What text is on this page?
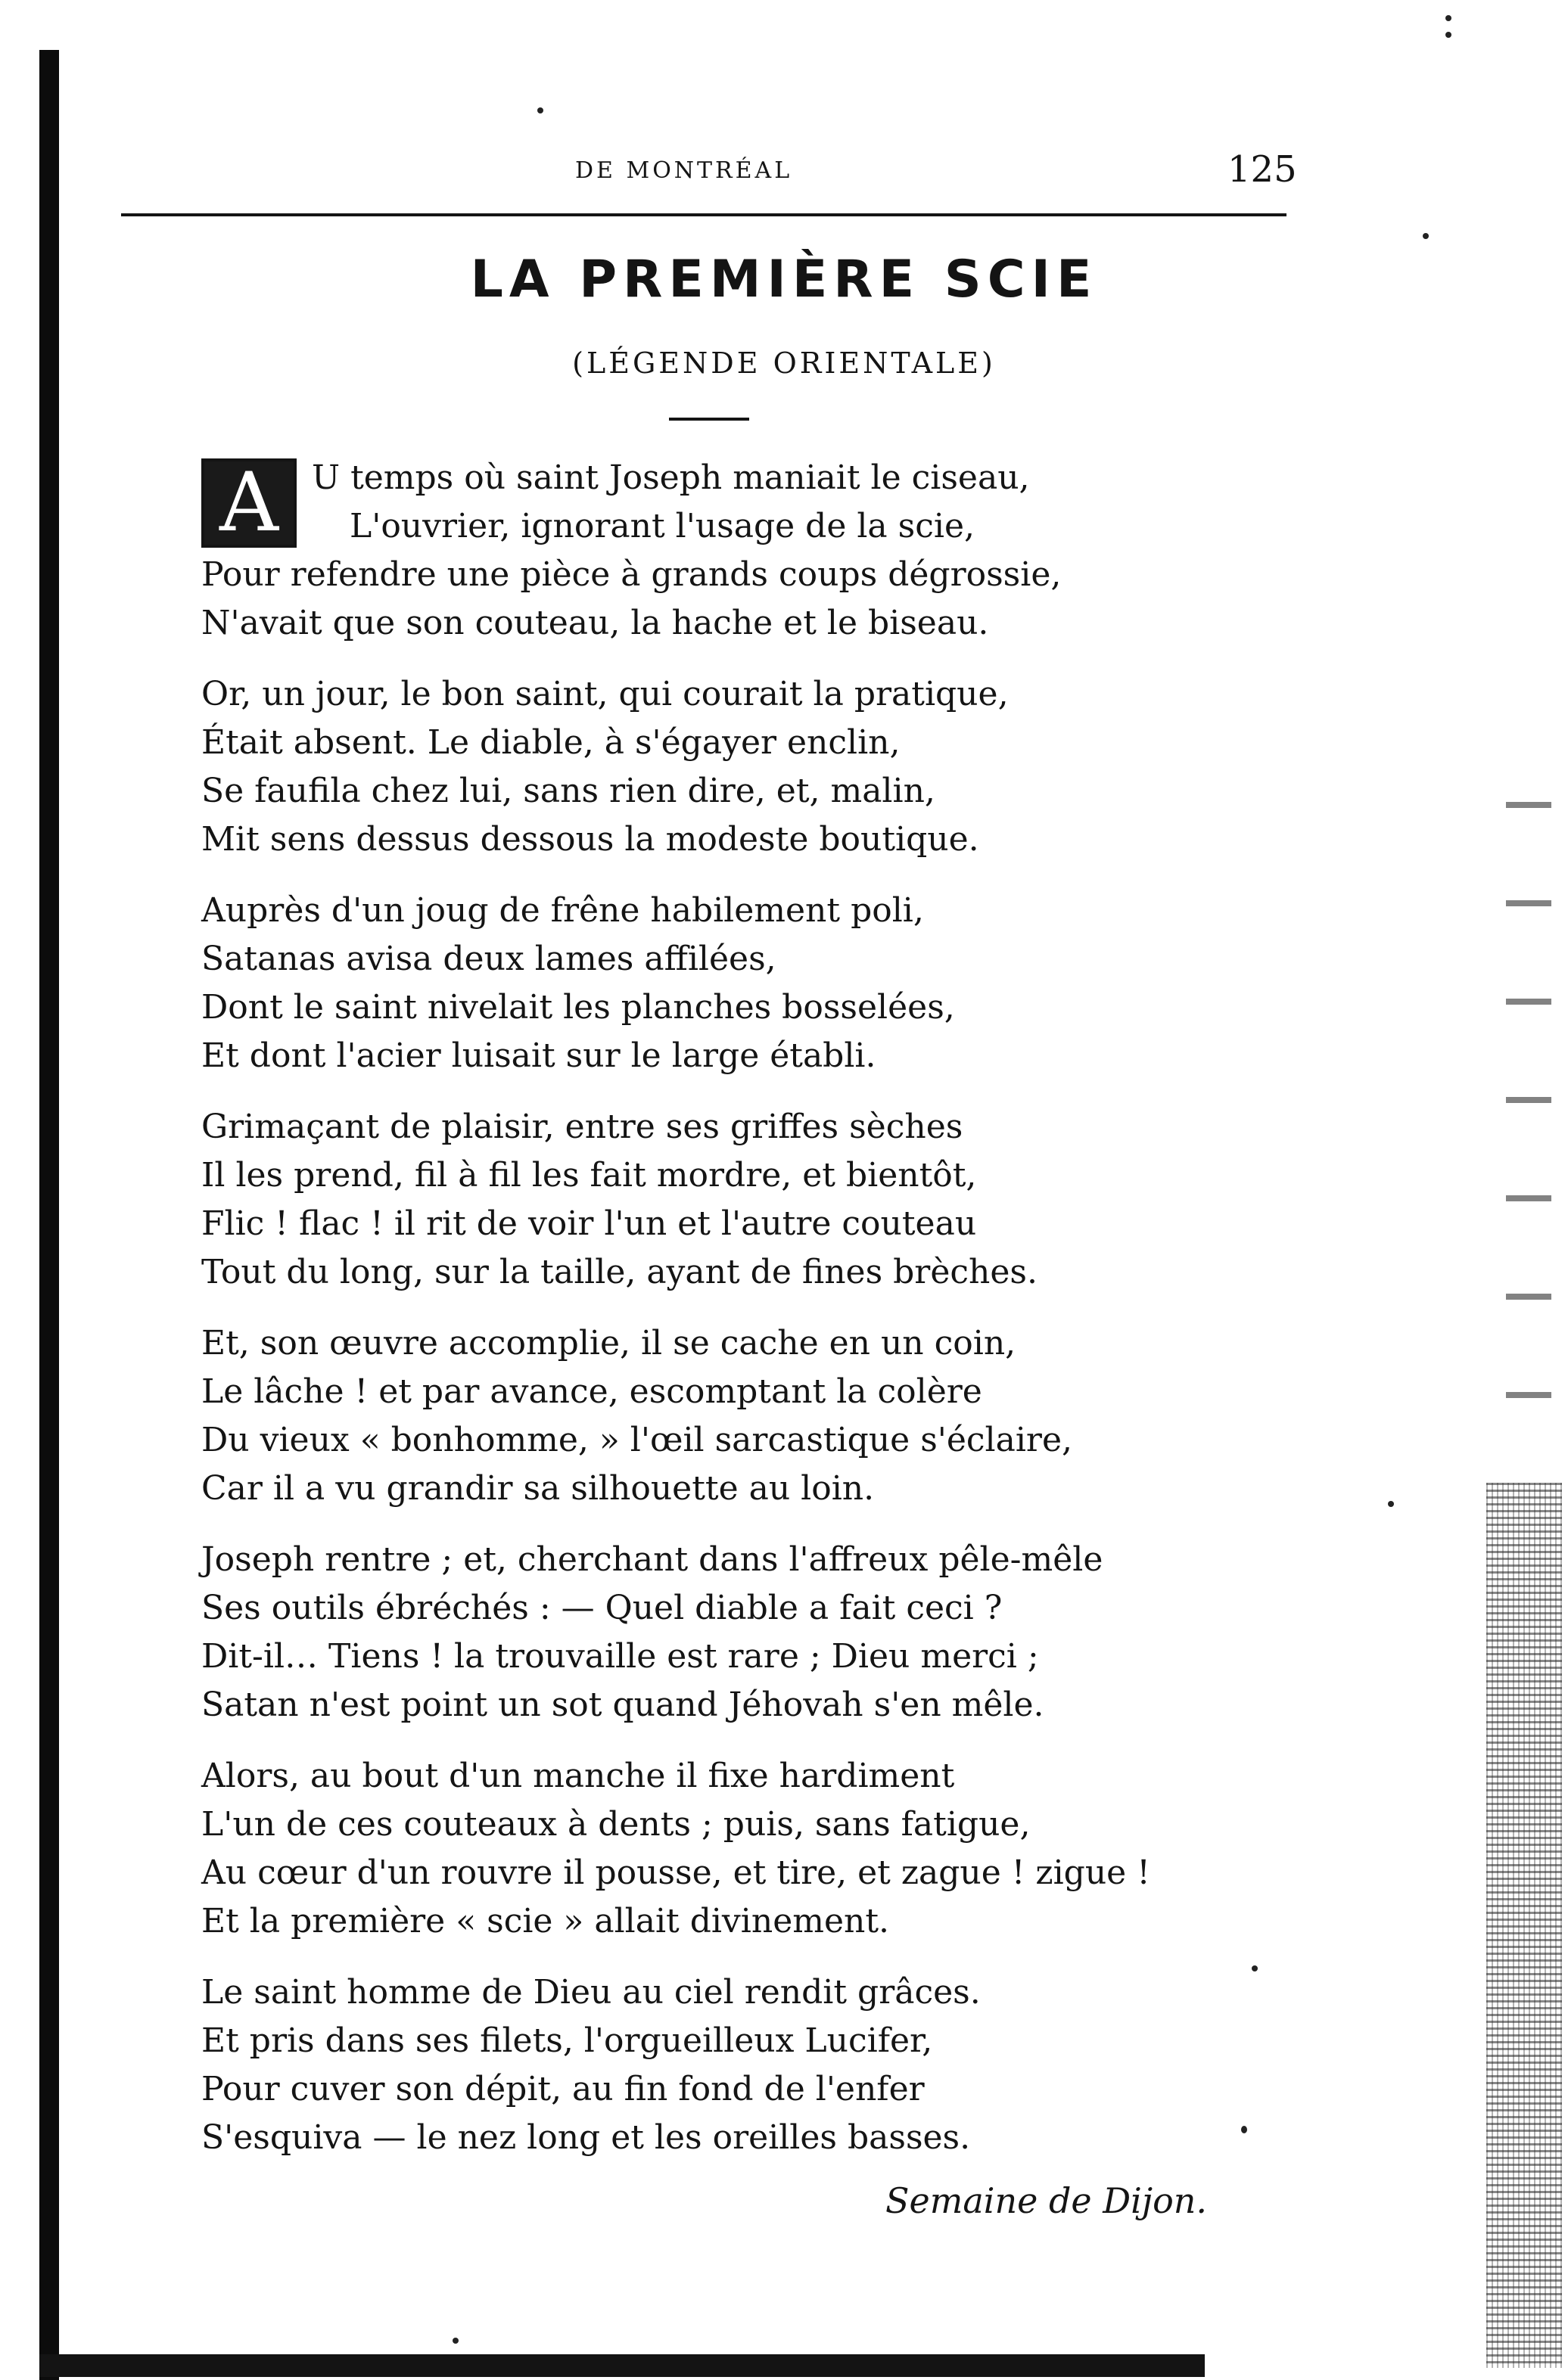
DE MONTRÉAL	125
LA PREMIÈRE SCIE
(LÉGENDE ORIENTALE)
A	U temps où saint Joseph maniait le ciseau,
L'ouvrier, ignorant l'usage de la scie,
Pour refendre une pièce à grands coups dégrossie,
N'avait que son couteau, la hache et le biseau.
Or, un jour, le bon saint, qui courait la pratique,
Était absent. Le diable, à s'égayer enclin,
Se faufila chez lui, sans rien dire, et, malin,
Mit sens dessus dessous la modeste boutique.
Auprès d'un joug de frêne habilement poli,
Satanas avisa deux lames affilées,
Dont le saint nivelait les planches bosselées,
Et dont l'acier luisait sur le large établi.
Grimaçant de plaisir, entre ses griffes sèches
Il les prend, fil à fil les fait mordre, et bientôt,
Flic ! flac ! il rit de voir l'un et l'autre couteau
Tout du long, sur la taille, ayant de fines brèches.
Et, son œuvre accomplie, il se cache en un coin,
Le lâche ! et par avance, escomptant la colère
Du vieux « bonhomme, » l'œil sarcastique s'éclaire,
Car il a vu grandir sa silhouette au loin.
Joseph rentre ; et, cherchant dans l'affreux pêle-mêle
Ses outils ébréchés : — Quel diable a fait ceci ?
Dit-il… Tiens ! la trouvaille est rare ; Dieu merci ;
Satan n'est point un sot quand Jéhovah s'en mêle.
Alors, au bout d'un manche il fixe hardiment
L'un de ces couteaux à dents ; puis, sans fatigue,
Au cœur d'un rouvre il pousse, et tire, et zague ! zigue !
Et la première « scie » allait divinement.
Le saint homme de Dieu au ciel rendit grâces.
Et pris dans ses filets, l'orgueilleux Lucifer,
Pour cuver son dépit, au fin fond de l'enfer
S'esquiva — le nez long et les oreilles basses.
Semaine de Dijon.
